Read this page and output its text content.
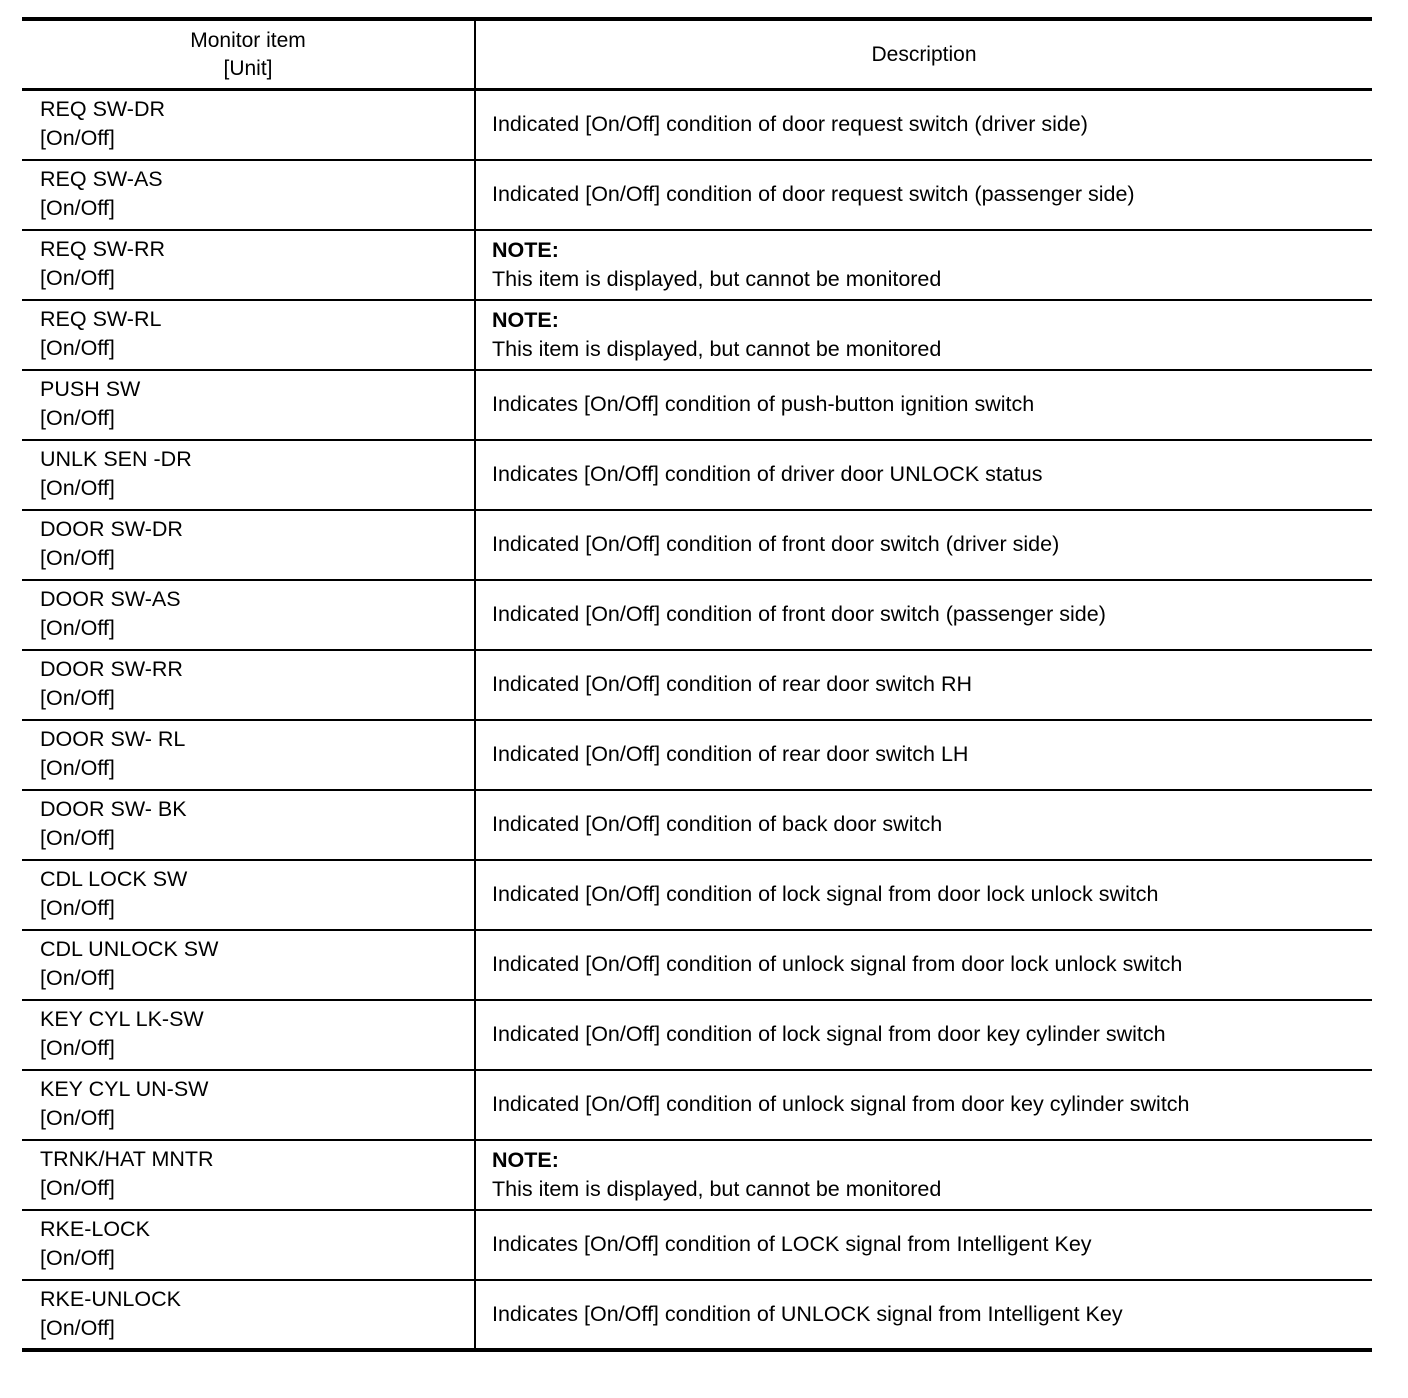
Monitor item
[Unit]	Description

REQ SW-DR
[On/Off]	Indicated [On/Off] condition of door request switch (driver side)

REQ SW-AS
[On/Off]	Indicated [On/Off] condition of door request switch (passenger side)

REQ SW-RR
[On/Off]	NOTE:
This item is displayed, but cannot be monitored

REQ SW-RL
[On/Off]	NOTE:
This item is displayed, but cannot be monitored

PUSH SW
[On/Off]	Indicates [On/Off] condition of push-button ignition switch

UNLK SEN -DR
[On/Off]	Indicates [On/Off] condition of driver door UNLOCK status

DOOR SW-DR
[On/Off]	Indicated [On/Off] condition of front door switch (driver side)

DOOR SW-AS
[On/Off]	Indicated [On/Off] condition of front door switch (passenger side)

DOOR SW-RR
[On/Off]	Indicated [On/Off] condition of rear door switch RH

DOOR SW- RL
[On/Off]	Indicated [On/Off] condition of rear door switch LH

DOOR SW- BK
[On/Off]	Indicated [On/Off] condition of back door switch

CDL LOCK SW
[On/Off]	Indicated [On/Off] condition of lock signal from door lock unlock switch

CDL UNLOCK SW
[On/Off]	Indicated [On/Off] condition of unlock signal from door lock unlock switch

KEY CYL LK-SW
[On/Off]	Indicated [On/Off] condition of lock signal from door key cylinder switch

KEY CYL UN-SW
[On/Off]	Indicated [On/Off] condition of unlock signal from door key cylinder switch

TRNK/HAT MNTR
[On/Off]	NOTE:
This item is displayed, but cannot be monitored

RKE-LOCK
[On/Off]	Indicates [On/Off] condition of LOCK signal from Intelligent Key

RKE-UNLOCK
[On/Off]	Indicates [On/Off] condition of UNLOCK signal from Intelligent Key
